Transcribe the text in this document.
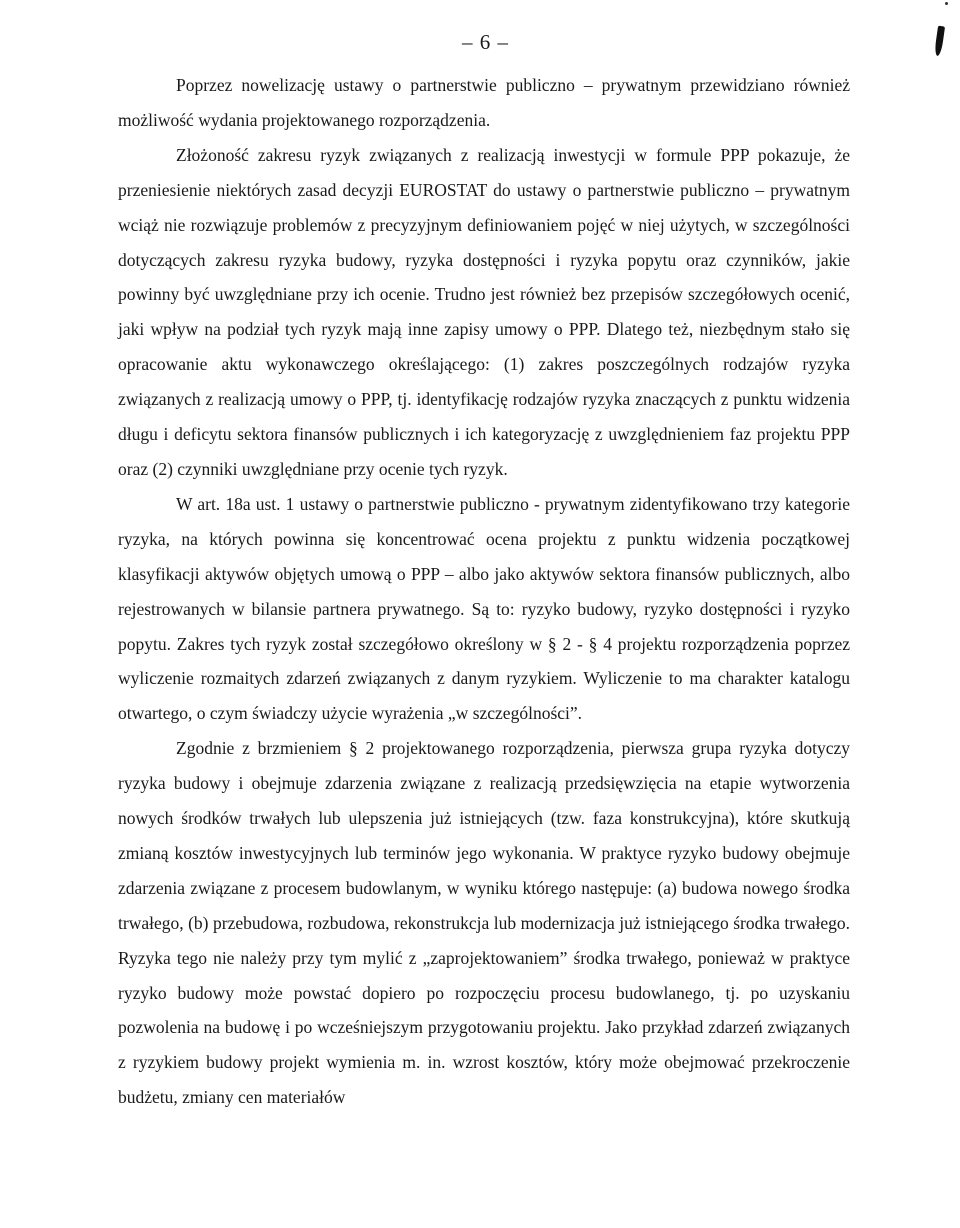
– 6 –

Poprzez nowelizację ustawy o partnerstwie publiczno – prywatnym przewidziano również możliwość wydania projektowanego rozporządzenia.

Złożoność zakresu ryzyk związanych z realizacją inwestycji w formule PPP pokazuje, że przeniesienie niektórych zasad decyzji EUROSTAT do ustawy o partnerstwie publiczno – prywatnym wciąż nie rozwiązuje problemów z precyzyjnym definiowaniem pojęć w niej użytych, w szczególności dotyczących zakresu ryzyka budowy, ryzyka dostępności i ryzyka popytu oraz czynników, jakie powinny być uwzględniane przy ich ocenie. Trudno jest również bez przepisów szczegółowych ocenić, jaki wpływ na podział tych ryzyk mają inne zapisy umowy o PPP. Dlatego też, niezbędnym stało się opracowanie aktu wykonawczego określającego: (1) zakres poszczególnych rodzajów ryzyka związanych z realizacją umowy o PPP, tj. identyfikację rodzajów ryzyka znaczących z punktu widzenia długu i deficytu sektora finansów publicznych i ich kategoryzację z uwzględnieniem faz projektu PPP oraz (2) czynniki uwzględniane przy ocenie tych ryzyk.

W art. 18a ust. 1 ustawy o partnerstwie publiczno - prywatnym zidentyfikowano trzy kategorie ryzyka, na których powinna się koncentrować ocena projektu z punktu widzenia początkowej klasyfikacji aktywów objętych umową o PPP – albo jako aktywów sektora finansów publicznych, albo rejestrowanych w bilansie partnera prywatnego. Są to: ryzyko budowy, ryzyko dostępności i ryzyko popytu. Zakres tych ryzyk został szczegółowo określony w § 2 - § 4 projektu rozporządzenia poprzez wyliczenie rozmaitych zdarzeń związanych z danym ryzykiem. Wyliczenie to ma charakter katalogu otwartego, o czym świadczy użycie wyrażenia „w szczególności”.

Zgodnie z brzmieniem § 2 projektowanego rozporządzenia, pierwsza grupa ryzyka dotyczy ryzyka budowy i obejmuje zdarzenia związane z realizacją przedsięwzięcia na etapie wytworzenia nowych środków trwałych lub ulepszenia już istniejących (tzw. faza konstrukcyjna), które skutkują zmianą kosztów inwestycyjnych lub terminów jego wykonania. W praktyce ryzyko budowy obejmuje zdarzenia związane z procesem budowlanym, w wyniku którego następuje: (a) budowa nowego środka trwałego, (b) przebudowa, rozbudowa, rekonstrukcja lub modernizacja już istniejącego środka trwałego. Ryzyka tego nie należy przy tym mylić z „zaprojektowaniem” środka trwałego, ponieważ w praktyce ryzyko budowy może powstać dopiero po rozpoczęciu procesu budowlanego, tj. po uzyskaniu pozwolenia na budowę i po wcześniejszym przygotowaniu projektu. Jako przykład zdarzeń związanych z ryzykiem budowy projekt wymienia m. in. wzrost kosztów, który może obejmować przekroczenie budżetu, zmiany cen materiałów
